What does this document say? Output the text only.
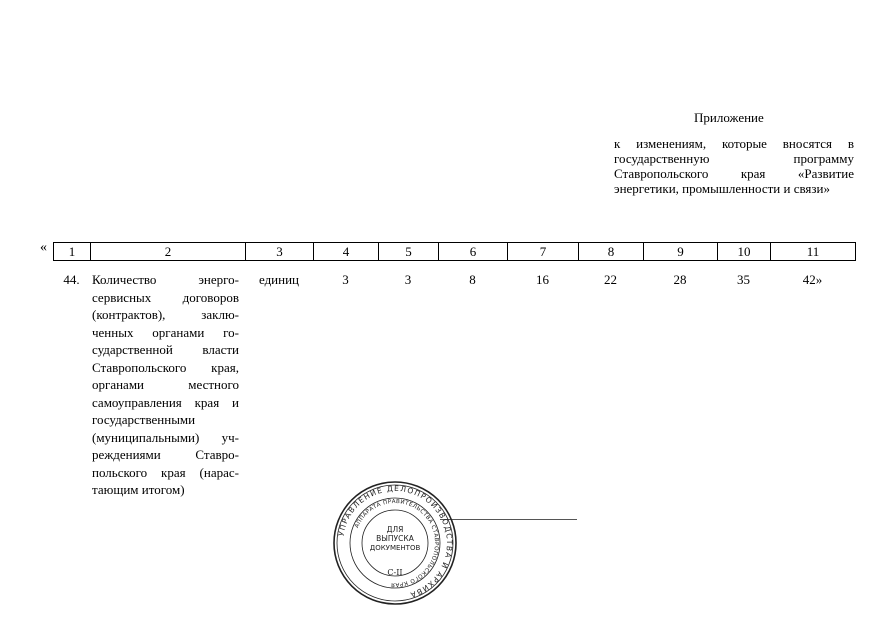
Приложение
к изменениям, которые вносятся в государственную программу Ставропольского края «Развитие энергетики, промышленности и связи»
« 1	2	3	4	5	6	7	8	9	10	11
44.	Количество энергосервисных договоров (контрактов), заключенных органами государственной власти Ставропольского края, органами местного самоуправления края и государственными (муниципальными) учреждениями Ставропольского края (нарастающим итогом)	единиц	3	3	8	16	22	28	35	42»
УПРАВЛЕНИЕ ДЕЛОПРОИЗВОДСТВА И АРХИВА
АППАРАТА ПРАВИТЕЛЬСТВА СТАВРОПОЛЬСКОГО КРАЯ
ДЛЯ
ВЫПУСКА
ДОКУМЕНТОВ
С-II
